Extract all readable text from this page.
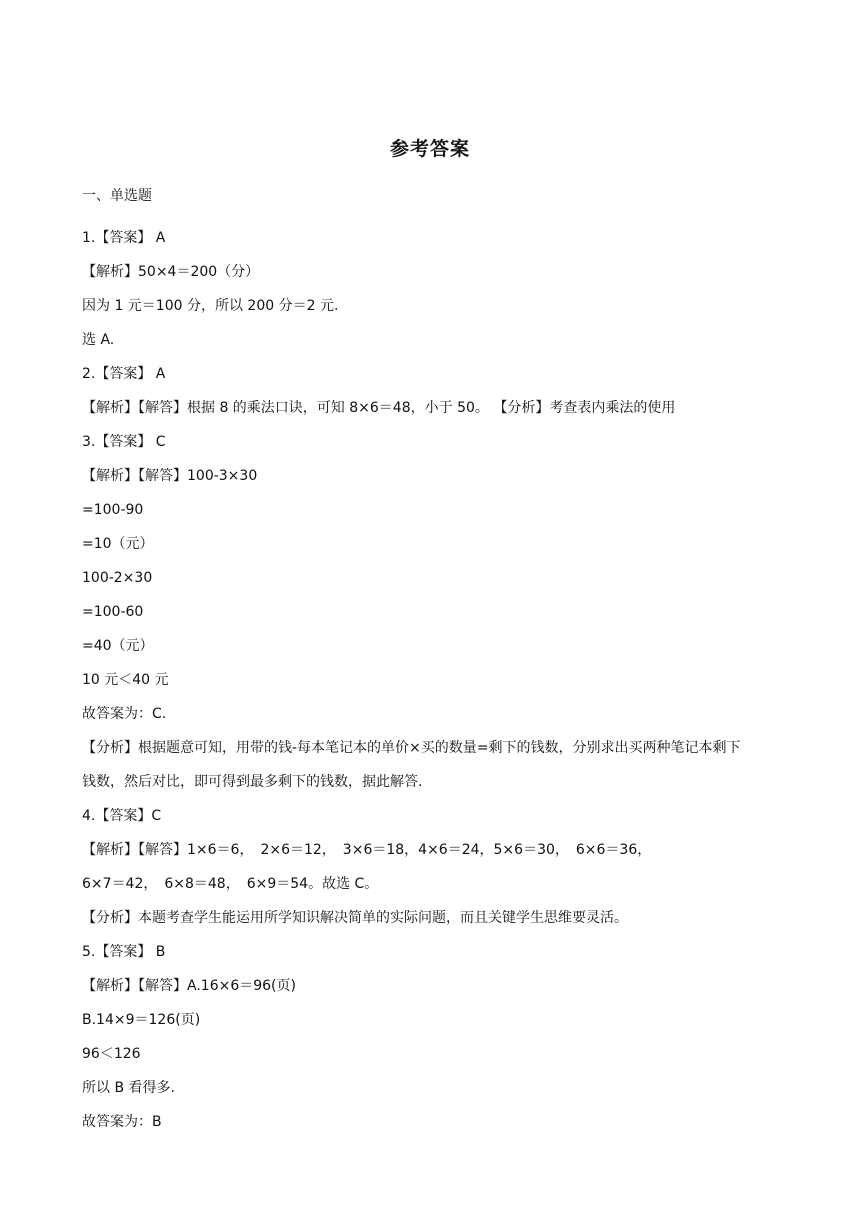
参考答案
一、单选题
1.【答案】 A
【解析】50×4＝200（分）
因为 1 元＝100 分，所以 200 分＝2 元.
选 A.
2.【答案】 A
【解析】【解答】根据 8 的乘法口诀，可知 8×6＝48，小于 50。 【分析】考查表内乘法的使用
3.【答案】 C
【解析】【解答】100-3×30
=100-90
=10（元）
100-2×30
=100-60
=40（元）
10 元＜40 元
故答案为：C.
【分析】根据题意可知，用带的钱-每本笔记本的单价×买的数量=剩下的钱数，分别求出买两种笔记本剩下
钱数，然后对比，即可得到最多剩下的钱数，据此解答.
4.【答案】C
【解析】【解答】1×6＝6，　2×6＝12，　3×6＝18，4×6＝24，5×6＝30，　6×6＝36，
6×7＝42，　6×8＝48，　6×9＝54。故选 C。
【分析】本题考查学生能运用所学知识解决简单的实际问题，而且关键学生思维要灵活。
5.【答案】 B
【解析】【解答】A.16×6＝96(页)
B.14×9＝126(页)
96＜126
所以 B 看得多.
故答案为：B
